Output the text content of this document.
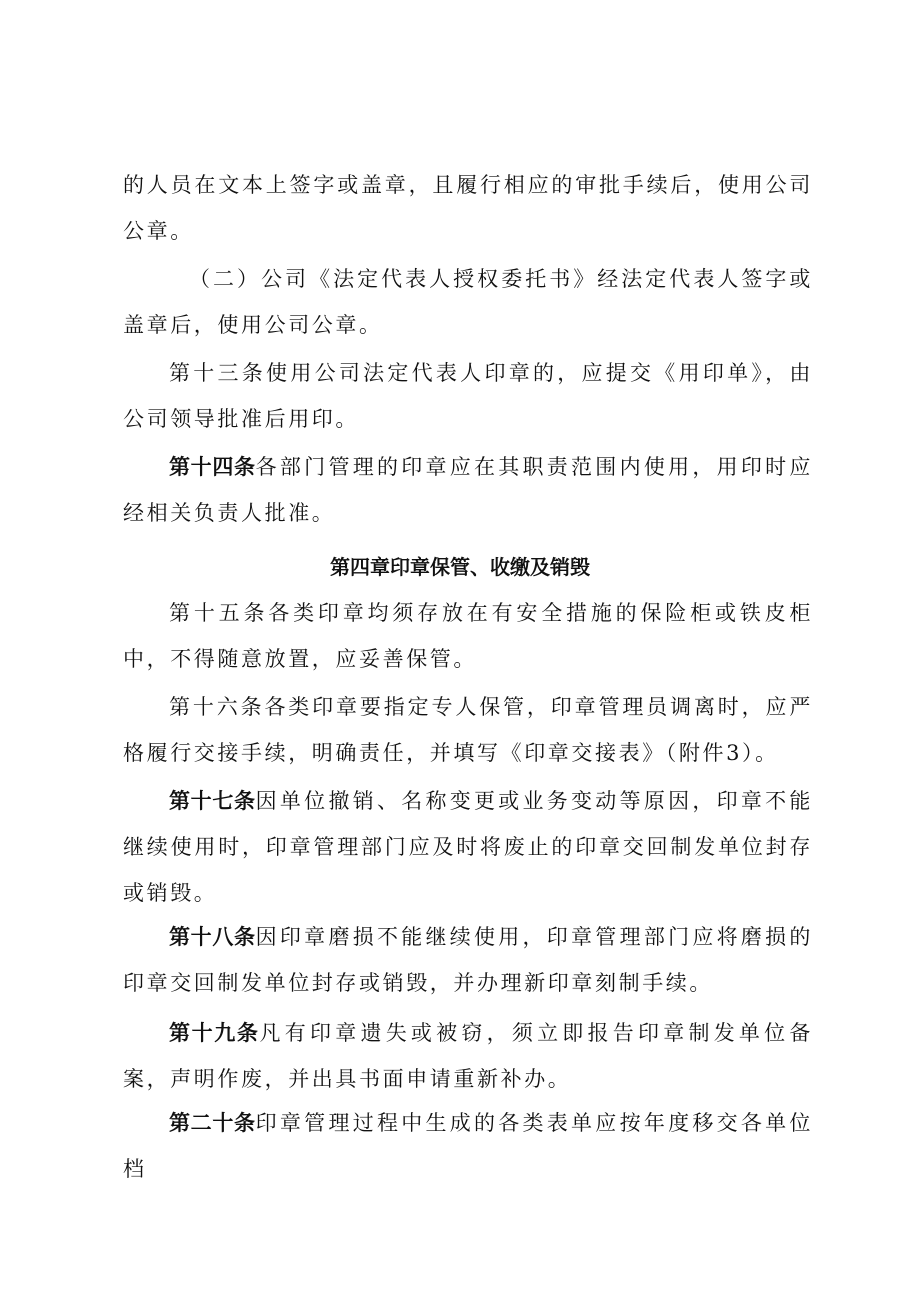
的人员在文本上签字或盖章，且履行相应的审批手续后，使用公司公章。

（二）公司《法定代表人授权委托书》经法定代表人签字或盖章后，使用公司公章。

第十三条使用公司法定代表人印章的，应提交《用印单》，由公司领导批准后用印。

第十四条各部门管理的印章应在其职责范围内使用，用印时应经相关负责人批准。

第四章印章保管、收缴及销毁

第十五条各类印章均须存放在有安全措施的保险柜或铁皮柜中，不得随意放置，应妥善保管。

第十六条各类印章要指定专人保管，印章管理员调离时，应严格履行交接手续，明确责任，并填写《印章交接表》（附件3）。

第十七条因单位撤销、名称变更或业务变动等原因，印章不能继续使用时，印章管理部门应及时将废止的印章交回制发单位封存或销毁。

第十八条因印章磨损不能继续使用，印章管理部门应将磨损的印章交回制发单位封存或销毁，并办理新印章刻制手续。

第十九条凡有印章遗失或被窃，须立即报告印章制发单位备案，声明作废，并出具书面申请重新补办。

第二十条印章管理过程中生成的各类表单应按年度移交各单位档
